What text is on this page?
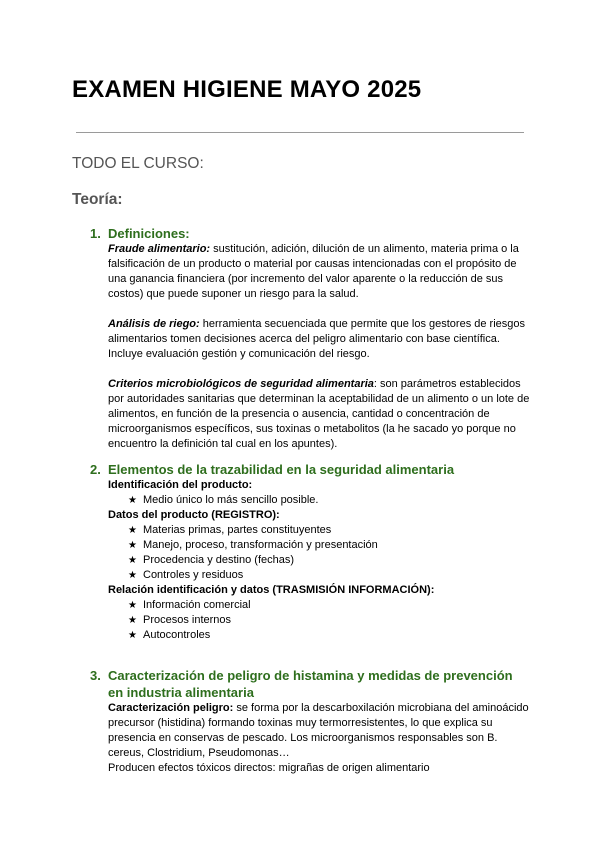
EXAMEN HIGIENE MAYO 2025
TODO EL CURSO:
Teoría:
1. Definiciones:

Fraude alimentario: sustitución, adición, dilución de un alimento, materia prima o la falsificación de un producto o material por causas intencionadas con el propósito de una ganancia financiera (por incremento del valor aparente o la reducción de sus costos) que puede suponer un riesgo para la salud.

Análisis de riego: herramienta secuenciada que permite que los gestores de riesgos alimentarios tomen decisiones acerca del peligro alimentario con base científica. Incluye evaluación gestión y comunicación del riesgo.

Criterios microbiológicos de seguridad alimentaria: son parámetros establecidos por autoridades sanitarias que determinan la aceptabilidad de un alimento o un lote de alimentos, en función de la presencia o ausencia, cantidad o concentración de microorganismos específicos, sus toxinas o metabolitos (la he sacado yo porque no encuentro la definición tal cual en los apuntes).

2. Elementos de la trazabilidad en la seguridad alimentaria
Identificación del producto:
★ Medio único lo más sencillo posible.
Datos del producto (REGISTRO):
★ Materias primas, partes constituyentes
★ Manejo, proceso, transformación y presentación
★ Procedencia y destino (fechas)
★ Controles y residuos
Relación identificación y datos (TRASMISIÓN INFORMACIÓN):
★ Información comercial
★ Procesos internos
★ Autocontroles
3. Caracterización de peligro de histamina y medidas de prevención en industria alimentaria

Caracterización peligro: se forma por la descarboxilación microbiana del aminoácido precursor (histidina) formando toxinas muy termorresistentes, lo que explica su presencia en conservas de pescado. Los microorganismos responsables son B. cereus, Clostridium, Pseudomonas…

Producen efectos tóxicos directos: migrañas de origen alimentario
